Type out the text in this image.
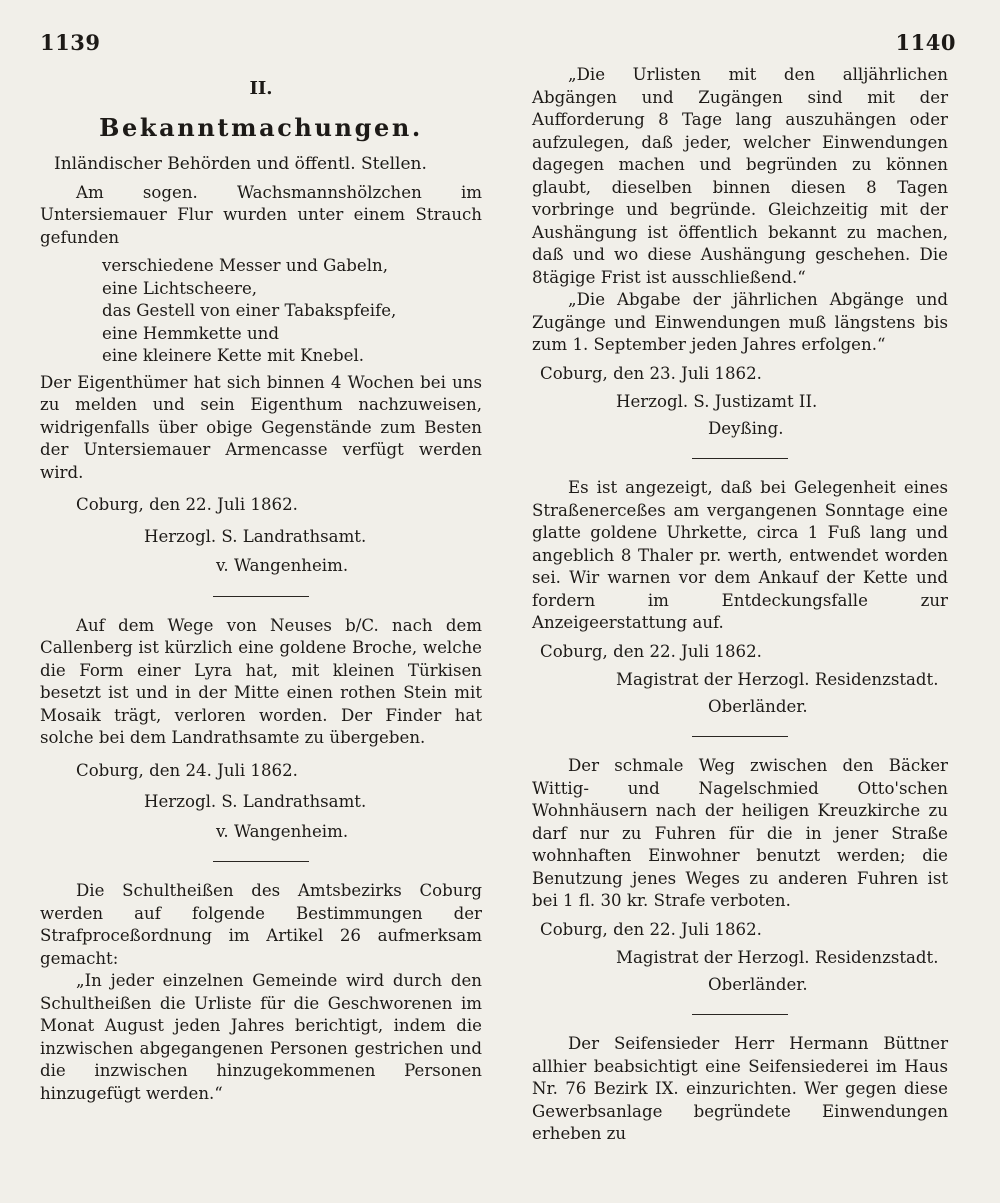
1139	1140
II.
Bekanntmachungen.
Inländischer Behörden und öffentl. Stellen.

Am sogen. Wachsmannshölzchen im Untersiemauer Flur wurden unter einem Strauch gefunden

verschiedene Messer und Gabeln,
eine Lichtscheere,
das Gestell von einer Tabakspfeife,
eine Hemmkette und
eine kleinere Kette mit Knebel.

Der Eigenthümer hat sich binnen 4 Wochen bei uns zu melden und sein Eigenthum nachzuweisen, widrigenfalls über obige Gegenstände zum Besten der Untersiemauer Armencasse verfügt werden wird.

Coburg, den 22. Juli 1862.
Herzogl. S. Landrathsamt.
v. Wangenheim.

Auf dem Wege von Neuses b/C. nach dem Callenberg ist kürzlich eine goldene Broche, welche die Form einer Lyra hat, mit kleinen Türkisen besetzt ist und in der Mitte einen rothen Stein mit Mosaik trägt, verloren worden. Der Finder hat solche bei dem Landrathsamte zu übergeben.

Coburg, den 24. Juli 1862.
Herzogl. S. Landrathsamt.
v. Wangenheim.

Die Schultheißen des Amtsbezirks Coburg werden auf folgende Bestimmungen der Strafproceßordnung im Artikel 26 aufmerksam gemacht:

„In jeder einzelnen Gemeinde wird durch den Schultheißen die Urliste für die Geschworenen im Monat August jeden Jahres berichtigt, indem die inzwischen abgegangenen Personen gestrichen und die inzwischen hinzugekommenen Personen hinzugefügt werden.“

„Die Urlisten mit den alljährlichen Abgängen und Zugängen sind mit der Aufforderung 8 Tage lang auszuhängen oder aufzulegen, daß jeder, welcher Einwendungen dagegen machen und begründen zu können glaubt, dieselben binnen diesen 8 Tagen vorbringe und begründe. Gleichzeitig mit der Aushängung ist öffentlich bekannt zu machen, daß und wo diese Aushängung geschehen. Die 8tägige Frist ist ausschließend.“

„Die Abgabe der jährlichen Abgänge und Zugänge und Einwendungen muß längstens bis zum 1. September jeden Jahres erfolgen.“

Coburg, den 23. Juli 1862.
Herzogl. S. Justizamt II.
Deyßing.

Es ist angezeigt, daß bei Gelegenheit eines Straßenerceßes am vergangenen Sonntage eine glatte goldene Uhrkette, circa 1 Fuß lang und angeblich 8 Thaler pr. werth, entwendet worden sei. Wir warnen vor dem Ankauf der Kette und fordern im Entdeckungsfalle zur Anzeigeerstattung auf.

Coburg, den 22. Juli 1862.
Magistrat der Herzogl. Residenzstadt.
Oberländer.

Der schmale Weg zwischen den Bäcker Wittig- und Nagelschmied Otto'schen Wohnhäusern nach der heiligen Kreuzkirche zu darf nur zu Fuhren für die in jener Straße wohnhaften Einwohner benutzt werden; die Benutzung jenes Weges zu anderen Fuhren ist bei 1 fl. 30 kr. Strafe verboten.

Coburg, den 22. Juli 1862.
Magistrat der Herzogl. Residenzstadt.
Oberländer.

Der Seifensieder Herr Hermann Büttner allhier beabsichtigt eine Seifensiederei im Haus Nr. 76 Bezirk IX. einzurichten. Wer gegen diese Gewerbsanlage begründete Einwendungen erheben zu
